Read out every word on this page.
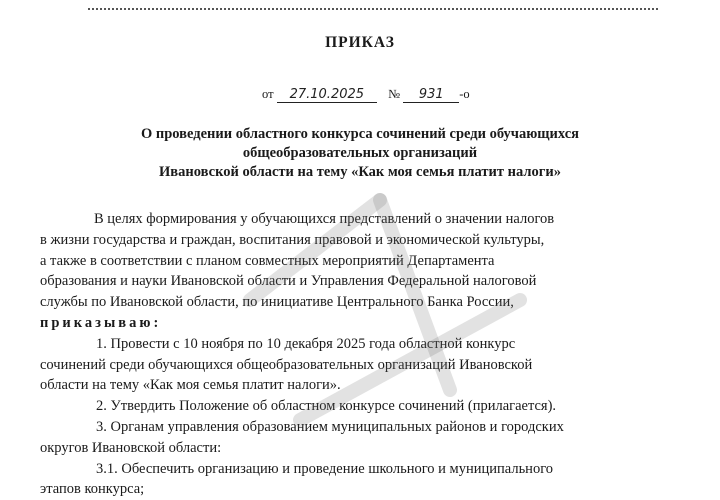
ПРИКАЗ
от 27.10.2025 № 931 -о
О проведении областного конкурса сочинений среди обучающихся
общеобразовательных организаций
Ивановской области на тему «Как моя семья платит налоги»
В целях формирования у обучающихся представлений о значении налогов
в жизни государства и граждан, воспитания правовой и экономической культуры,
а также в соответствии с планом совместных мероприятий Департамента
образования и науки Ивановской области и Управления Федеральной налоговой
службы по Ивановской области, по инициативе Центрального Банка России,
приказываю:
1. Провести с 10 ноября по 10 декабря 2025 года областной конкурс
сочинений среди обучающихся общеобразовательных организаций Ивановской
области на тему «Как моя семья платит налоги».
2. Утвердить Положение об областном конкурсе сочинений (прилагается).
3. Органам управления образованием муниципальных районов и городских
округов Ивановской области:
3.1. Обеспечить организацию и проведение школьного и муниципального
этапов конкурса;
